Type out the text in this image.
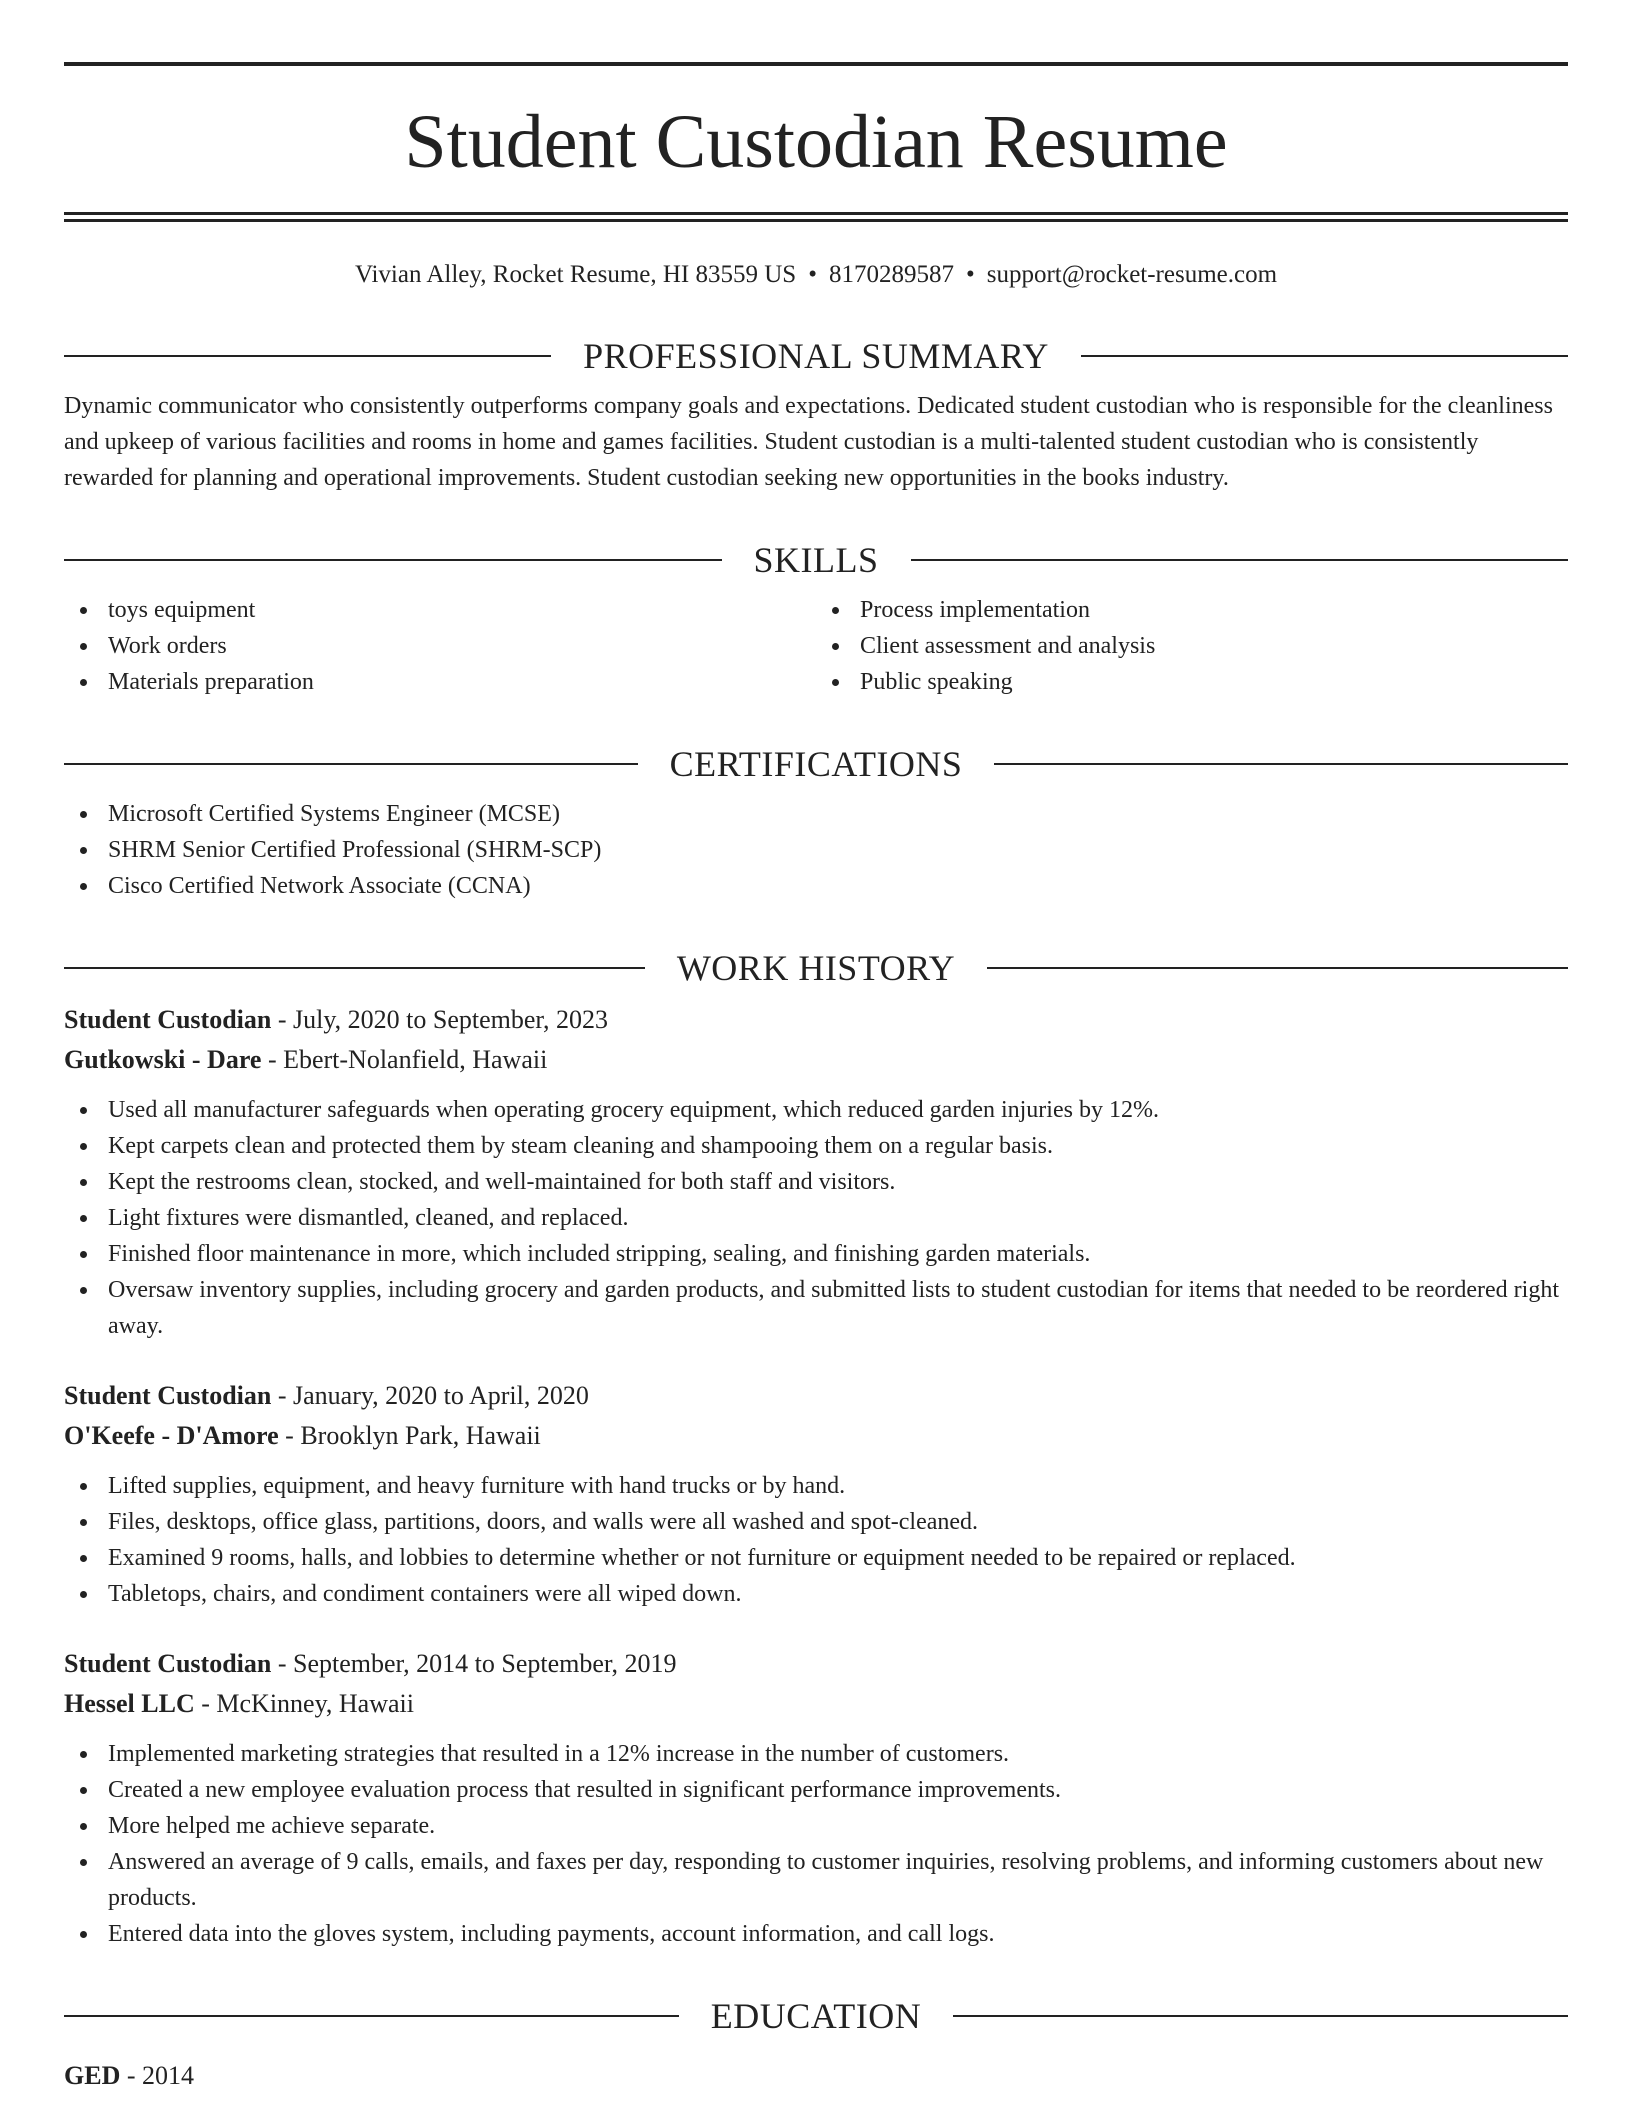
Student Custodian Resume
Vivian Alley, Rocket Resume, HI 83559 US • 8170289587 • support@rocket-resume.com
PROFESSIONAL SUMMARY
Dynamic communicator who consistently outperforms company goals and expectations. Dedicated student custodian who is responsible for the cleanliness and upkeep of various facilities and rooms in home and games facilities. Student custodian is a multi-talented student custodian who is consistently rewarded for planning and operational improvements. Student custodian seeking new opportunities in the books industry.
SKILLS
toys equipment
Work orders
Materials preparation
Process implementation
Client assessment and analysis
Public speaking
CERTIFICATIONS
Microsoft Certified Systems Engineer (MCSE)
SHRM Senior Certified Professional (SHRM-SCP)
Cisco Certified Network Associate (CCNA)
WORK HISTORY
Student Custodian - July, 2020 to September, 2023
Gutkowski - Dare - Ebert-Nolanfield, Hawaii
Used all manufacturer safeguards when operating grocery equipment, which reduced garden injuries by 12%.
Kept carpets clean and protected them by steam cleaning and shampooing them on a regular basis.
Kept the restrooms clean, stocked, and well-maintained for both staff and visitors.
Light fixtures were dismantled, cleaned, and replaced.
Finished floor maintenance in more, which included stripping, sealing, and finishing garden materials.
Oversaw inventory supplies, including grocery and garden products, and submitted lists to student custodian for items that needed to be reordered right away.
Student Custodian - January, 2020 to April, 2020
O'Keefe - D'Amore - Brooklyn Park, Hawaii
Lifted supplies, equipment, and heavy furniture with hand trucks or by hand.
Files, desktops, office glass, partitions, doors, and walls were all washed and spot-cleaned.
Examined 9 rooms, halls, and lobbies to determine whether or not furniture or equipment needed to be repaired or replaced.
Tabletops, chairs, and condiment containers were all wiped down.
Student Custodian - September, 2014 to September, 2019
Hessel LLC - McKinney, Hawaii
Implemented marketing strategies that resulted in a 12% increase in the number of customers.
Created a new employee evaluation process that resulted in significant performance improvements.
More helped me achieve separate.
Answered an average of 9 calls, emails, and faxes per day, responding to customer inquiries, resolving problems, and informing customers about new products.
Entered data into the gloves system, including payments, account information, and call logs.
EDUCATION
GED - 2014
